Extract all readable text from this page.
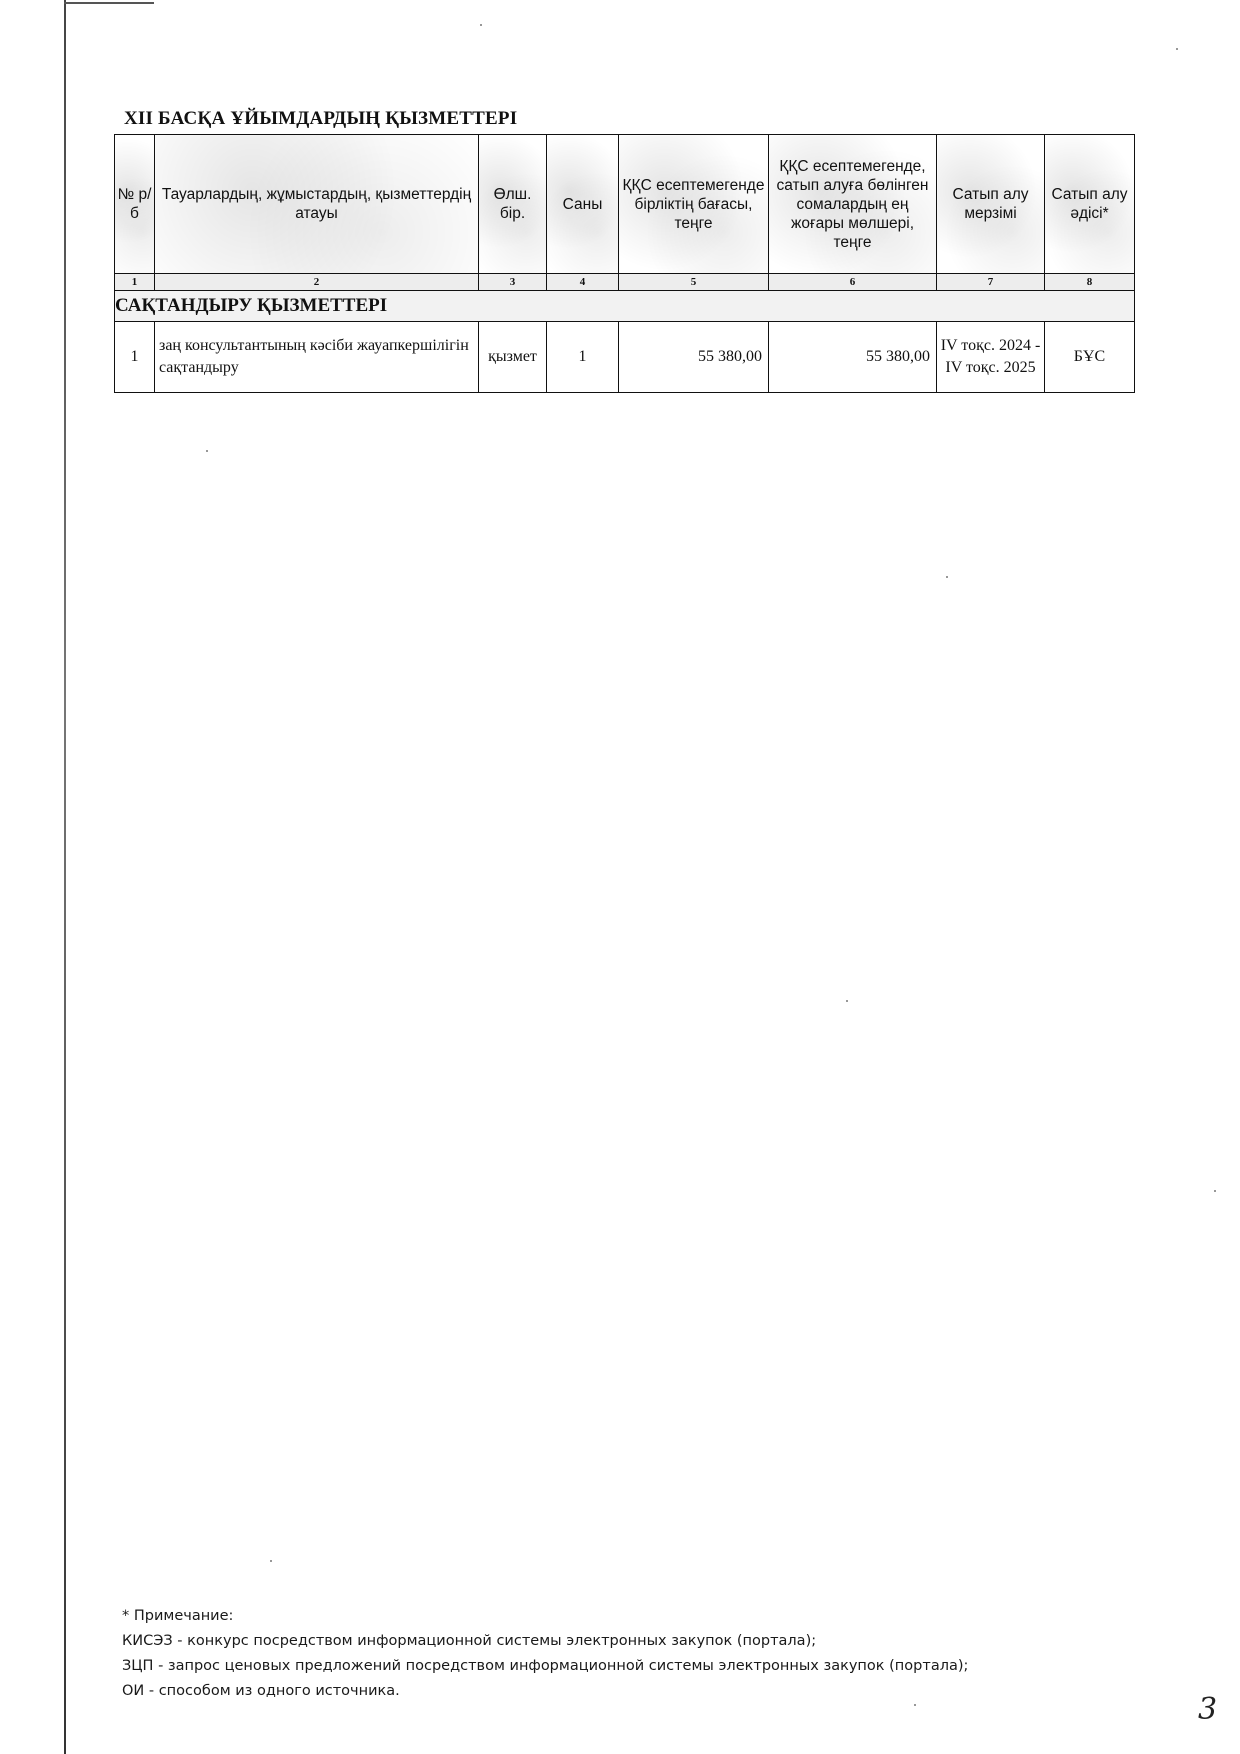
XII БАСҚА ҰЙЫМДАРДЫҢ ҚЫЗМЕТТЕРІ
№ р/б	Тауарлардың, жұмыстардың, қызметтердің атауы	Өлш. бір.	Саны	ҚҚС есептемегенде бірліктің бағасы, теңге	ҚҚС есептемегенде, сатып алуға бөлінген сомалардың ең жоғары мөлшері, теңге	Сатып алу мерзімі	Сатып алу әдісі*

1	2	3	4	5	6	7	8
САҚТАНДЫРУ ҚЫЗМЕТТЕРІ							
1	заң консультантының кәсіби жауапкершілігін сақтандыру	қызмет	1	55 380,00	55 380,00	IV тоқс. 2024 - IV тоқс. 2025	БҰС
* Примечание:
КИСЭЗ - конкурс посредством информационной системы электронных закупок (портала);
ЗЦП - запрос ценовых предложений посредством информационной системы электронных закупок (портала);
ОИ - способом из одного источника.
3
